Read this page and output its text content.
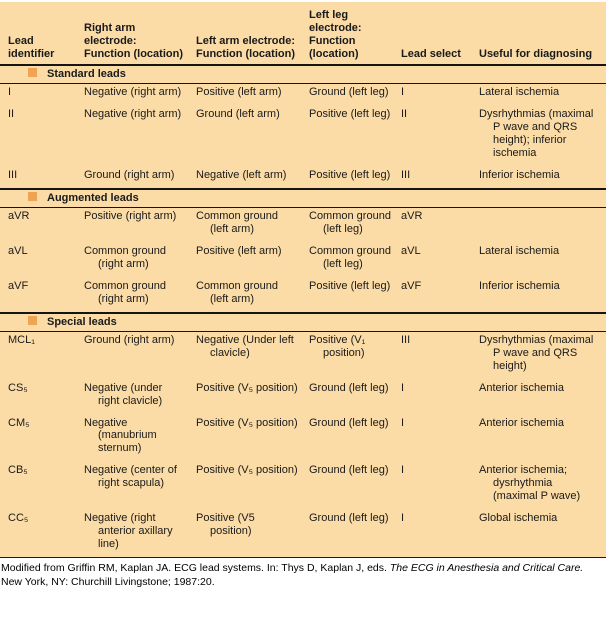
Lead identifier	Right arm electrode: Function (location)	Left arm electrode: Function (location)	Left leg electrode: Function (location)	Lead select	Useful for diagnosing
Standard leads					
I	Negative (right arm)	Positive (left arm)	Ground (left leg)	I	Lateral ischemia
II	Negative (right arm)	Ground (left arm)	Positive (left leg)	II	Dysrhythmias (maximal P wave and QRS height); inferior ischemia
III	Ground (right arm)	Negative (left arm)	Positive (left leg)	III	Inferior ischemia
Augmented leads					
aVR	Positive (right arm)	Common ground (left arm)	Common ground (left leg)	aVR	
aVL	Common ground (right arm)	Positive (left arm)	Common ground (left leg)	aVL	Lateral ischemia
aVF	Common ground (right arm)	Common ground (left arm)	Positive (left leg)	aVF	Inferior ischemia
Special leads					
MCL₁	Ground (right arm)	Negative (Under left clavicle)	Positive (V₁ position)	III	Dysrhythmias (maximal P wave and QRS height)
CS₅	Negative (under right clavicle)	Positive (V₅ position)	Ground (left leg)	I	Anterior ischemia
CM₅	Negative (manubrium sternum)	Positive (V₅ position)	Ground (left leg)	I	Anterior ischemia
CB₅	Negative (center of right scapula)	Positive (V₅ position)	Ground (left leg)	I	Anterior ischemia; dysrhythmia (maximal P wave)
CC₅	Negative (right anterior axillary line)	Positive (V5 position)	Ground (left leg)	I	Global ischemia
Modified from Griffin RM, Kaplan JA. ECG lead systems. In: Thys D, Kaplan J, eds. The ECG in Anesthesia and Critical Care. New York, NY: Churchill Livingstone; 1987:20.
